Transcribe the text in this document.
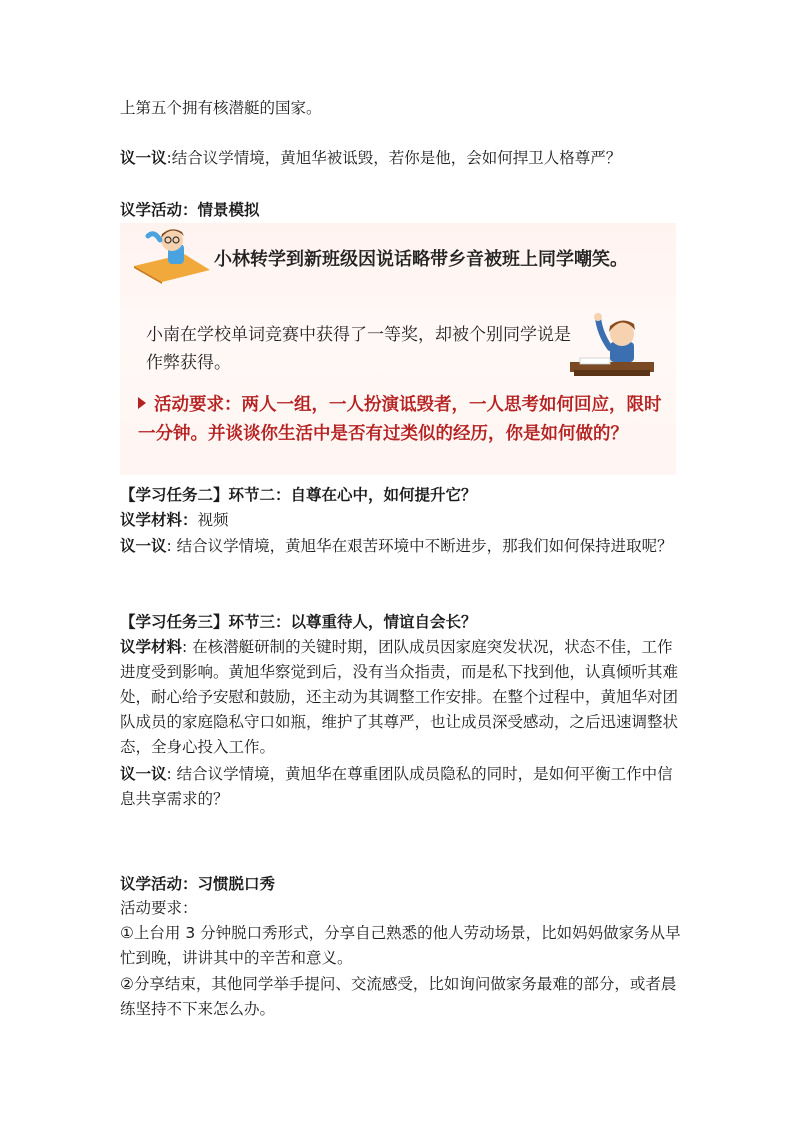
上第五个拥有核潜艇的国家。

议一议:结合议学情境，黄旭华被诋毁，若你是他，会如何捍卫人格尊严？

议学活动：情景模拟

小林转学到新班级因说话略带乡音被班上同学嘲笑。
小南在学校单词竞赛中获得了一等奖，却被个别同学说是作弊获得。
活动要求：两人一组，一人扮演诋毁者，一人思考如何回应，限时一分钟。并谈谈你生活中是否有过类似的经历，你是如何做的？

【学习任务二】环节二：自尊在心中，如何提升它？

议学材料：视频

议一议: 结合议学情境，黄旭华在艰苦环境中不断进步，那我们如何保持进取呢？

【学习任务三】环节三：以尊重待人，情谊自会长？

议学材料: 在核潜艇研制的关键时期，团队成员因家庭突发状况，状态不佳，工作进度受到影响。黄旭华察觉到后，没有当众指责，而是私下找到他，认真倾听其难处，耐心给予安慰和鼓励，还主动为其调整工作安排。在整个过程中，黄旭华对团队成员的家庭隐私守口如瓶，维护了其尊严，也让成员深受感动，之后迅速调整状态，全身心投入工作。

议一议: 结合议学情境，黄旭华在尊重团队成员隐私的同时，是如何平衡工作中信息共享需求的？

议学活动：习惯脱口秀

活动要求：

①上台用 3 分钟脱口秀形式，分享自己熟悉的他人劳动场景，比如妈妈做家务从早忙到晚，讲讲其中的辛苦和意义。

②分享结束，其他同学举手提问、交流感受，比如询问做家务最难的部分，或者晨练坚持不下来怎么办。
